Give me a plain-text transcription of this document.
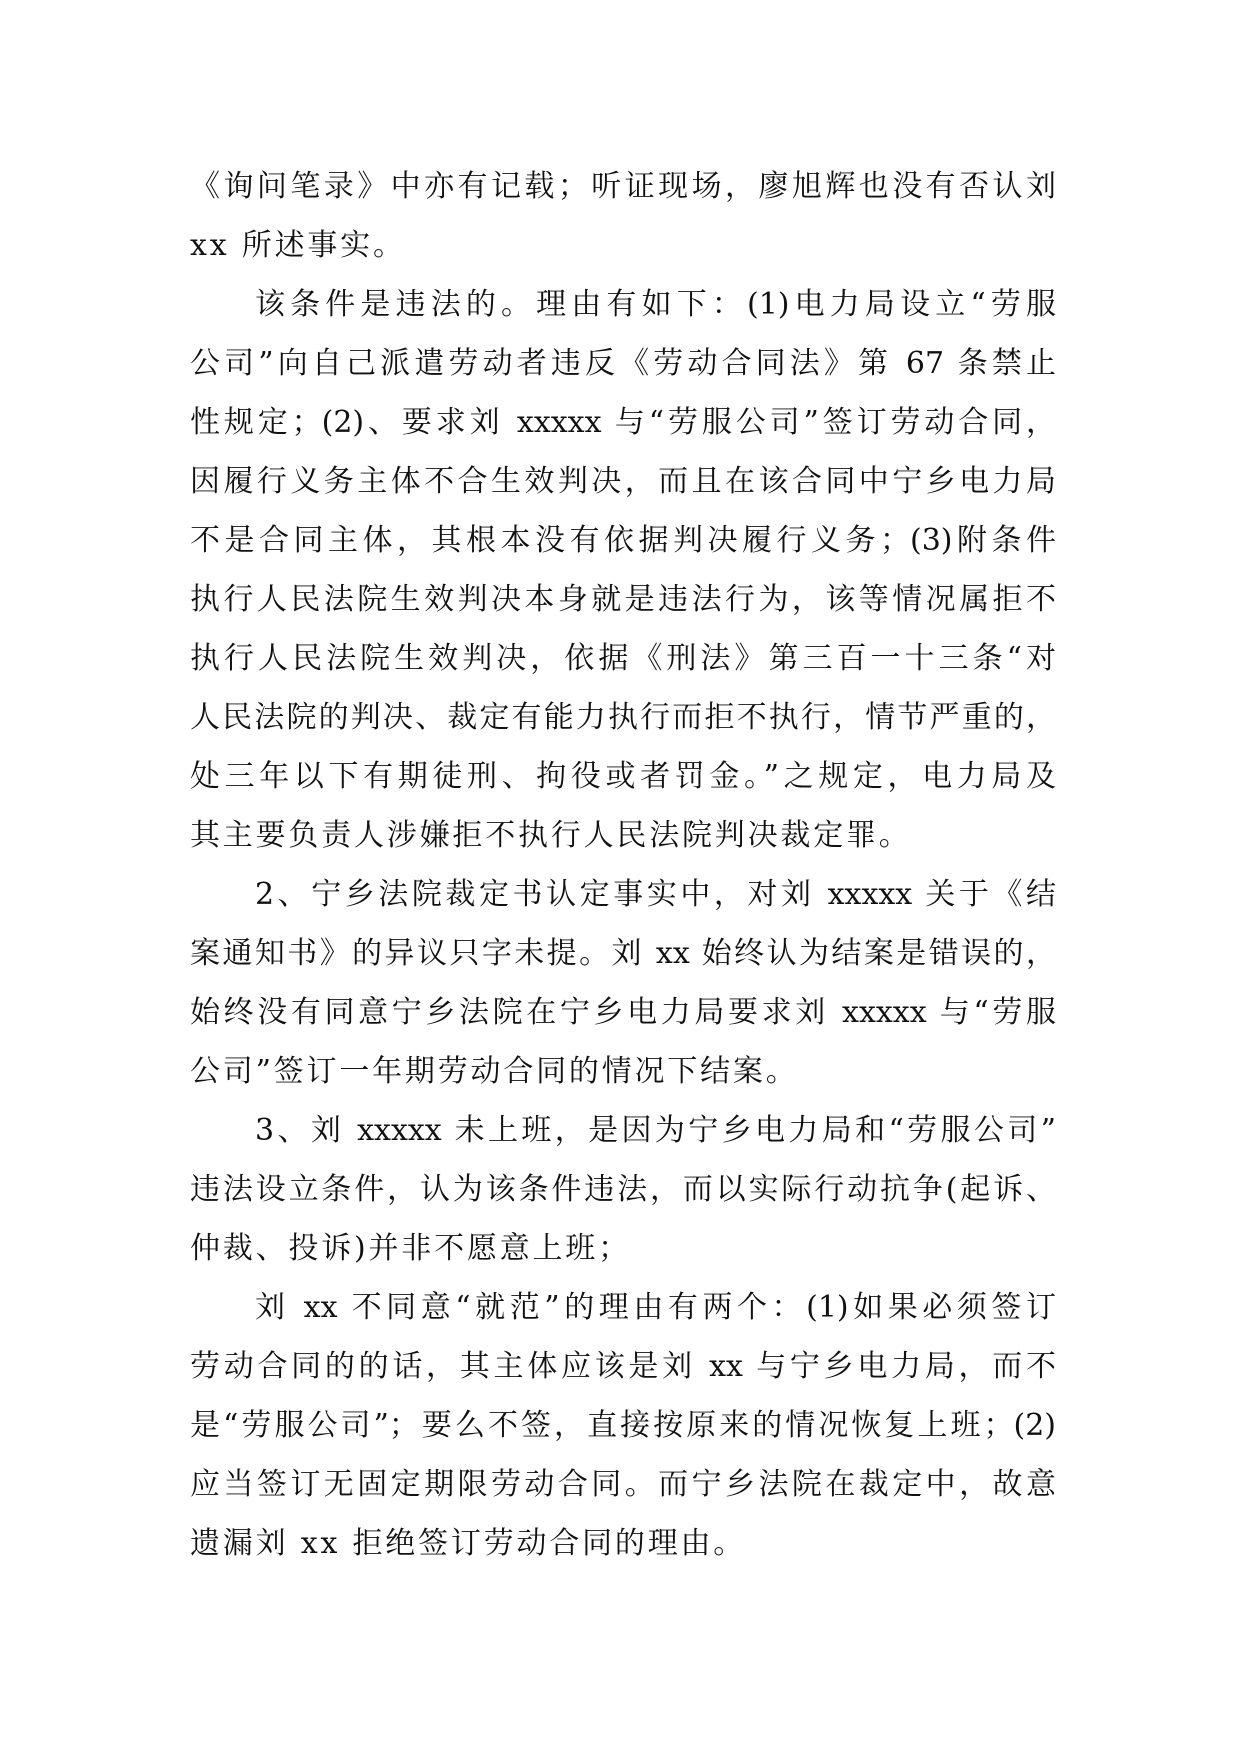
《询问笔录》中亦有记载；听证现场，廖旭辉也没有否认刘
xx 所述事实。
该条件是违法的。理由有如下：(1)电力局设立“劳服
公司”向自己派遣劳动者违反《劳动合同法》第 67 条禁止
性规定；(2)、要求刘 xxxxx 与“劳服公司”签订劳动合同，
因履行义务主体不合生效判决，而且在该合同中宁乡电力局
不是合同主体，其根本没有依据判决履行义务；(3)附条件
执行人民法院生效判决本身就是违法行为，该等情况属拒不
执行人民法院生效判决，依据《刑法》第三百一十三条“对
人民法院的判决、裁定有能力执行而拒不执行，情节严重的，
处三年以下有期徒刑、拘役或者罚金。”之规定，电力局及
其主要负责人涉嫌拒不执行人民法院判决裁定罪。
2、宁乡法院裁定书认定事实中，对刘 xxxxx 关于《结
案通知书》的异议只字未提。刘 xx 始终认为结案是错误的，
始终没有同意宁乡法院在宁乡电力局要求刘 xxxxx 与“劳服
公司”签订一年期劳动合同的情况下结案。
3、刘 xxxxx 未上班，是因为宁乡电力局和“劳服公司”
违法设立条件，认为该条件违法，而以实际行动抗争(起诉、
仲裁、投诉)并非不愿意上班；
刘 xx 不同意“就范”的理由有两个：(1)如果必须签订
劳动合同的的话，其主体应该是刘 xx 与宁乡电力局，而不
是“劳服公司”；要么不签，直接按原来的情况恢复上班；(2)
应当签订无固定期限劳动合同。而宁乡法院在裁定中，故意
遗漏刘 xx 拒绝签订劳动合同的理由。
